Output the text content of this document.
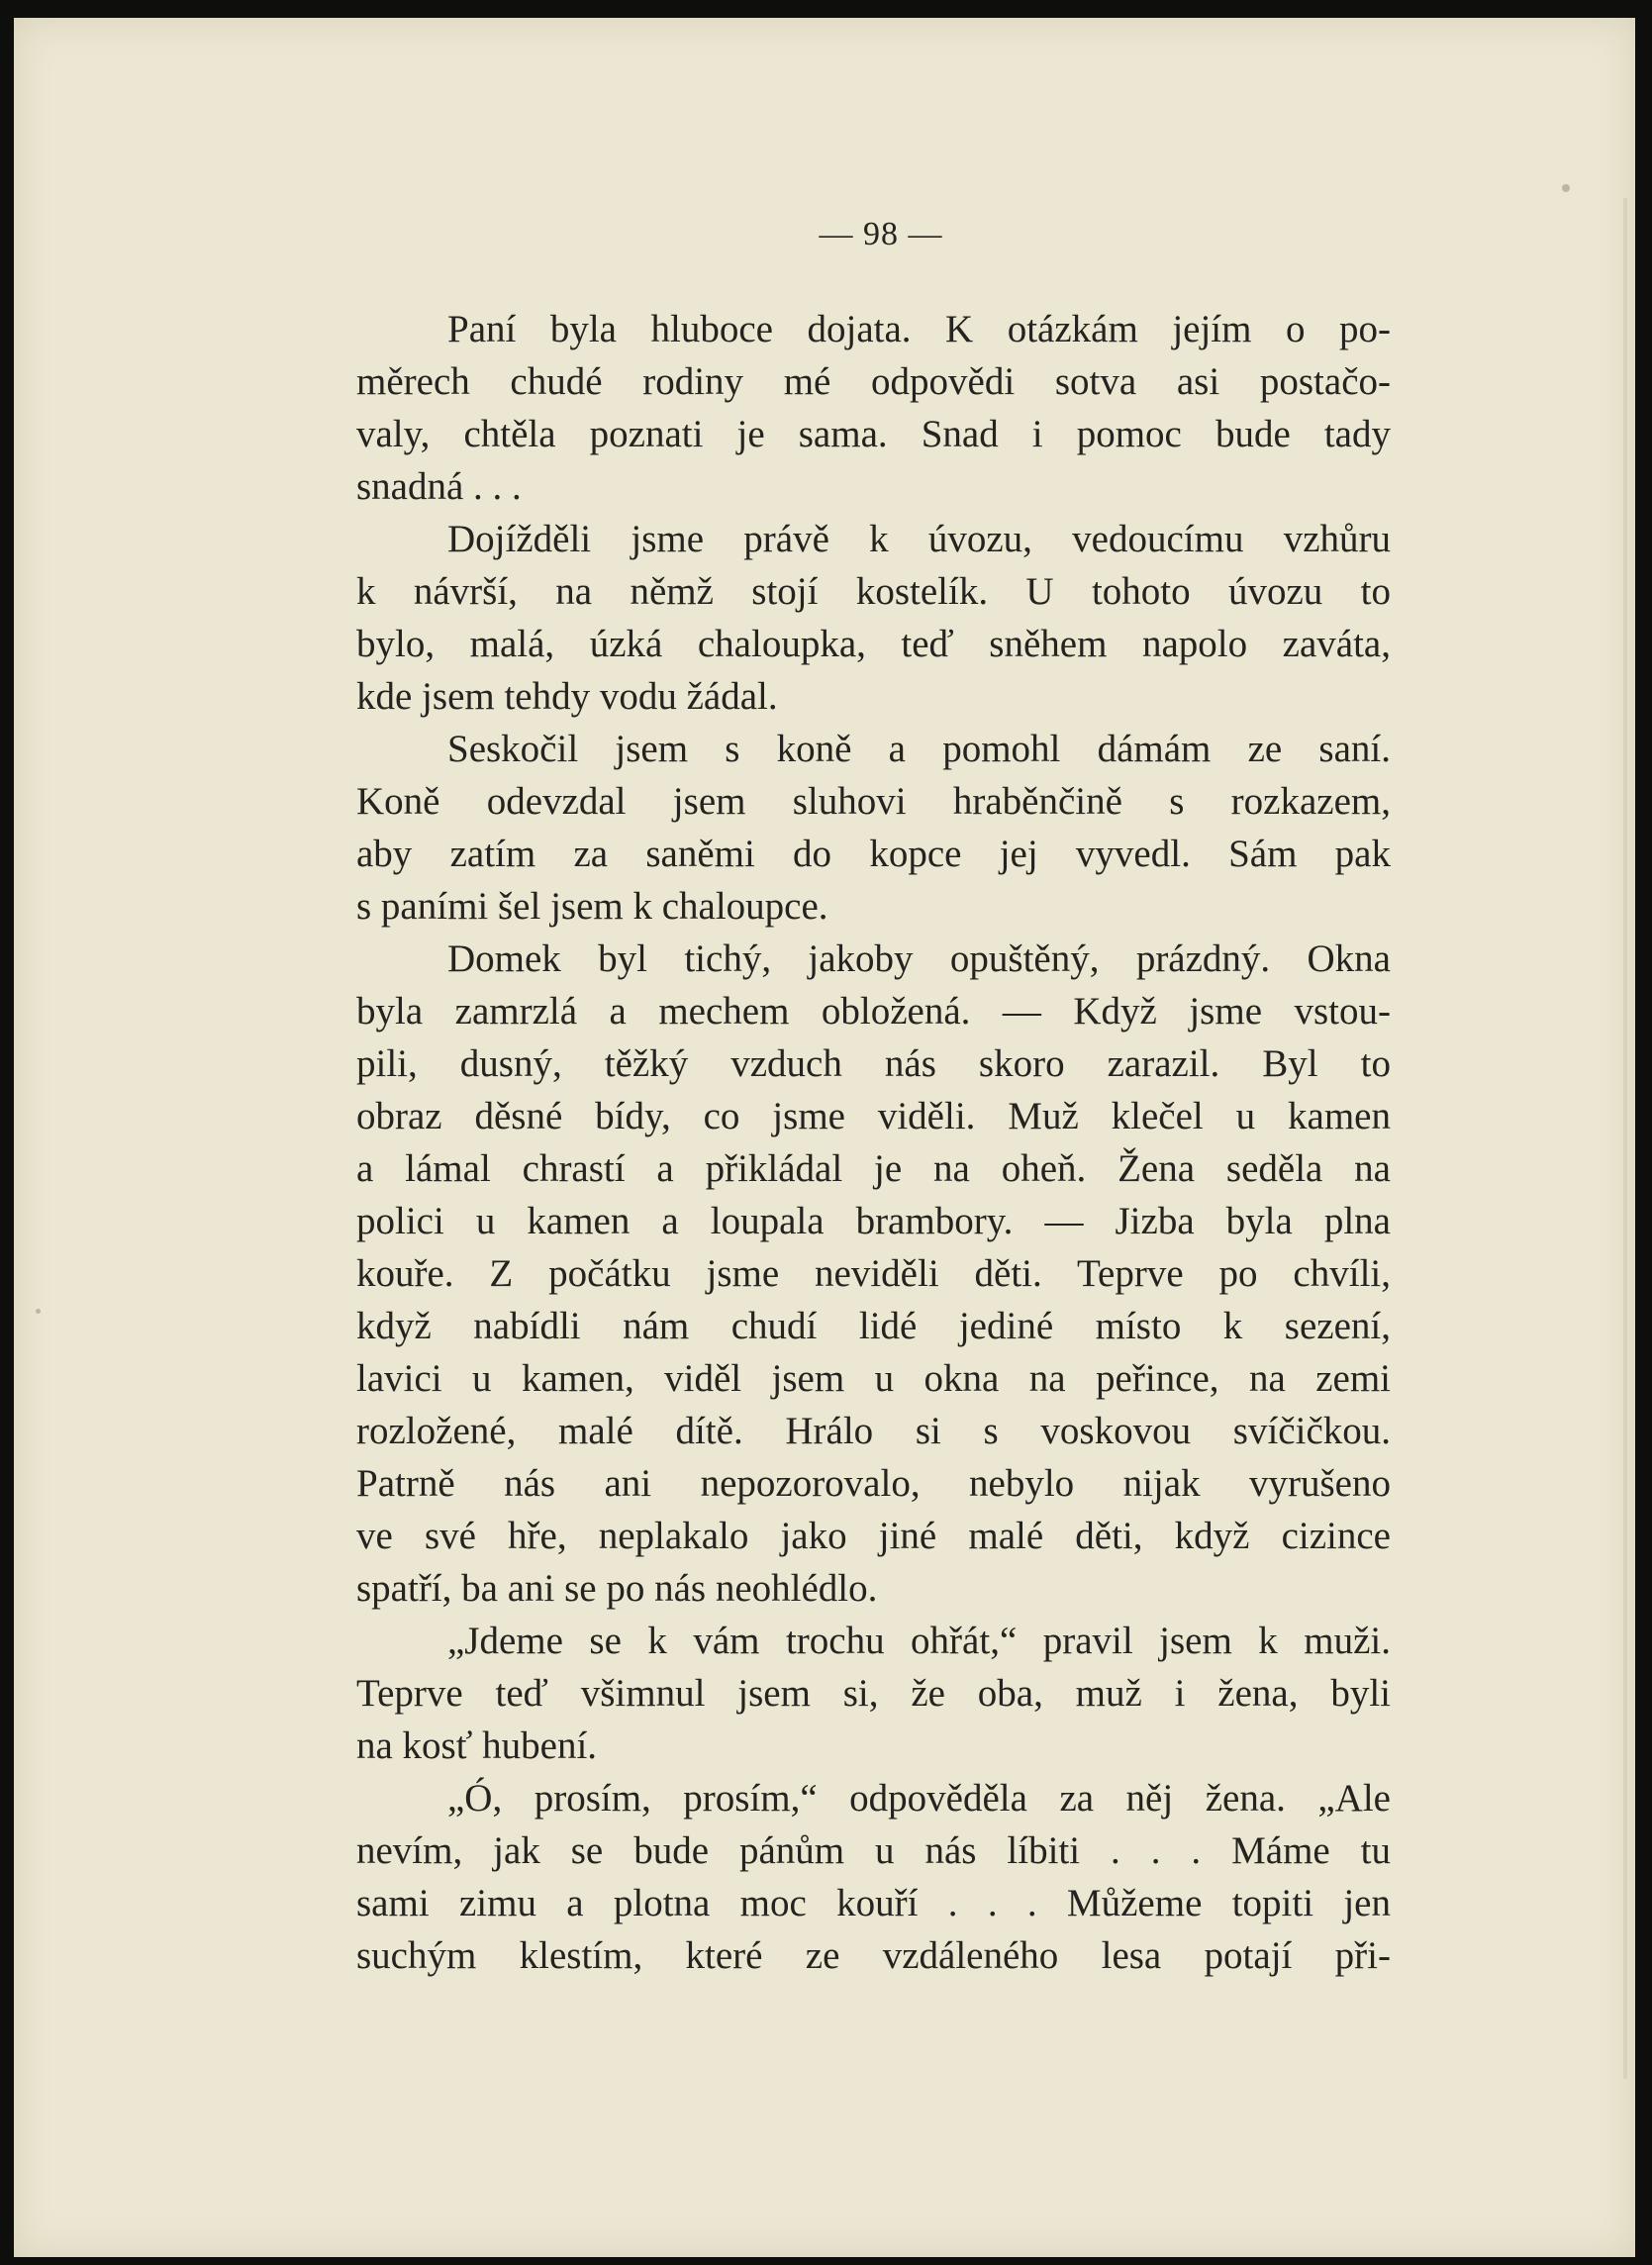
— 98 —
Paní byla hluboce dojata. K otázkám jejím o po-
měrech chudé rodiny mé odpovědi sotva asi postačo-
valy, chtěla poznati je sama. Snad i pomoc bude tady
snadná . . .
Dojížděli jsme právě k úvozu, vedoucímu vzhůru
k návrší, na němž stojí kostelík. U tohoto úvozu to
bylo, malá, úzká chaloupka, teď sněhem napolo zaváta,
kde jsem tehdy vodu žádal.
Seskočil jsem s koně a pomohl dámám ze saní.
Koně odevzdal jsem sluhovi hraběnčině s rozkazem,
aby zatím za saněmi do kopce jej vyvedl. Sám pak
s paními šel jsem k chaloupce.
Domek byl tichý, jakoby opuštěný, prázdný. Okna
byla zamrzlá a mechem obložená. — Když jsme vstou-
pili, dusný, těžký vzduch nás skoro zarazil. Byl to
obraz děsné bídy, co jsme viděli. Muž klečel u kamen
a lámal chrastí a přikládal je na oheň. Žena seděla na
polici u kamen a loupala brambory. — Jizba byla plna
kouře. Z počátku jsme neviděli děti. Teprve po chvíli,
když nabídli nám chudí lidé jediné místo k sezení,
lavici u kamen, viděl jsem u okna na peřince, na zemi
rozložené, malé dítě. Hrálo si s voskovou svíčičkou.
Patrně nás ani nepozorovalo, nebylo nijak vyrušeno
ve své hře, neplakalo jako jiné malé děti, když cizince
spatří, ba ani se po nás neohlédlo.
„Jdeme se k vám trochu ohřát,“ pravil jsem k muži.
Teprve teď všimnul jsem si, že oba, muž i žena, byli
na kosť hubení.
„Ó, prosím, prosím,“ odpověděla za něj žena. „Ale
nevím, jak se bude pánům u nás líbiti . . . Máme tu
sami zimu a plotna moc kouří . . . Můžeme topiti jen
suchým klestím, které ze vzdáleného lesa potají při-
